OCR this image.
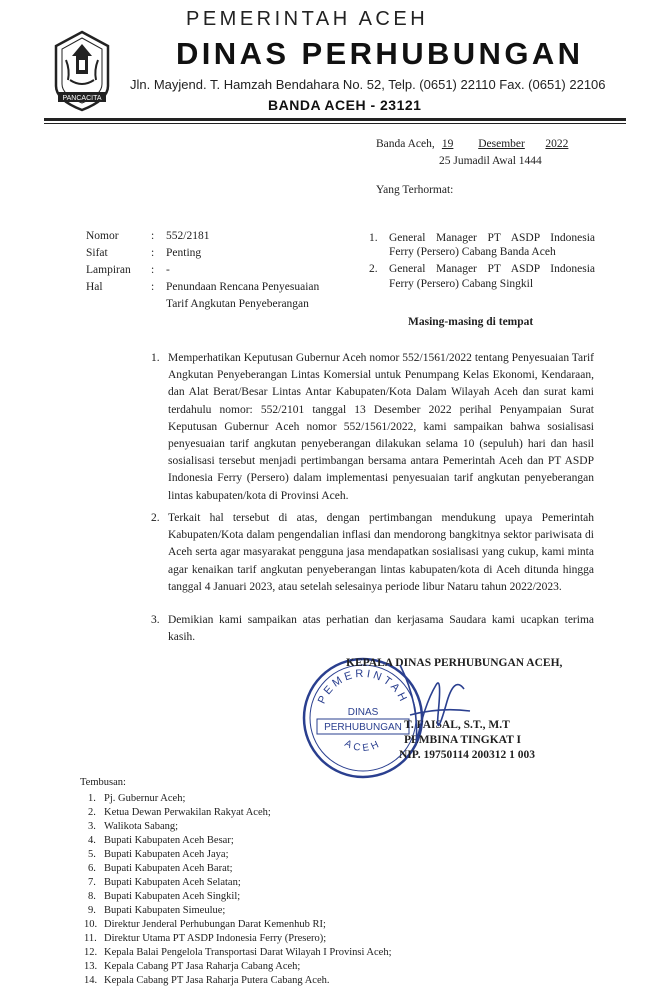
PANCACITA
PEMERINTAH ACEH
DINAS PERHUBUNGAN
Jln. Mayjend. T. Hamzah Bendahara No. 52, Telp. (0651) 22110 Fax. (0651) 22106
BANDA ACEH - 23121
Banda Aceh, 19 Desember 2022
25 Jumadil Awal 1444
Yang Terhormat:
Nomor	: 552/2181
Sifat	: Penting
Lampiran : -
Hal	: Penundaan Rencana Penyesuaian
Tarif Angkutan Penyeberangan
1. General Manager PT ASDP Indonesia
Ferry (Persero) Cabang Banda Aceh
2. General Manager PT ASDP Indonesia
Ferry (Persero) Cabang Singkil
Masing-masing di tempat
1. Memperhatikan Keputusan Gubernur Aceh nomor 552/1561/2022 tentang Penyesuaian Tarif Angkutan Penyeberangan Lintas Komersial untuk Penumpang Kelas Ekonomi, Kendaraan, dan Alat Berat/Besar Lintas Antar Kabupaten/Kota Dalam Wilayah Aceh dan surat kami terdahulu nomor: 552/2101 tanggal 13 Desember 2022 perihal Penyampaian Surat Keputusan Gubernur Aceh nomor 552/1561/2022, kami sampaikan bahwa sosialisasi penyesuaian tarif angkutan penyeberangan dilakukan selama 10 (sepuluh) hari dan hasil sosialisasi tersebut menjadi pertimbangan bersama antara Pemerintah Aceh dan PT ASDP Indonesia Ferry (Persero) dalam implementasi penyesuaian tarif angkutan penyeberangan lintas kabupaten/kota di Provinsi Aceh.
2. Terkait hal tersebut di atas, dengan pertimbangan mendukung upaya Pemerintah Kabupaten/Kota dalam pengendalian inflasi dan mendorong bangkitnya sektor pariwisata di Aceh serta agar masyarakat pengguna jasa mendapatkan sosialisasi yang cukup, kami minta agar kenaikan tarif angkutan penyeberangan lintas kabupaten/kota di Aceh ditunda hingga tanggal 4 Januari 2023, atau setelah selesainya periode libur Nataru tahun 2022/2023.
3. Demikian kami sampaikan atas perhatian dan kerjasama Saudara kami ucapkan terima kasih.
PEMERINTAH
ACEH
DINAS
PERHUBUNGAN
KEPALA DINAS PERHUBUNGAN ACEH,
T. FAISAL, S.T., M.T
PEMBINA TINGKAT I
NIP. 19750114 200312 1 003
Tembusan:
1. Pj. Gubernur Aceh;
2. Ketua Dewan Perwakilan Rakyat Aceh;
3. Walikota Sabang;
4. Bupati Kabupaten Aceh Besar;
5. Bupati Kabupaten Aceh Jaya;
6. Bupati Kabupaten Aceh Barat;
7. Bupati Kabupaten Aceh Selatan;
8. Bupati Kabupaten Aceh Singkil;
9. Bupati Kabupaten Simeulue;
10. Direktur Jenderal Perhubungan Darat Kemenhub RI;
11. Direktur Utama PT ASDP Indonesia Ferry (Presero);
12. Kepala Balai Pengelola Transportasi Darat Wilayah I Provinsi Aceh;
13. Kepala Cabang PT Jasa Raharja Cabang Aceh;
14. Kepala Cabang PT Jasa Raharja Putera Cabang Aceh.
